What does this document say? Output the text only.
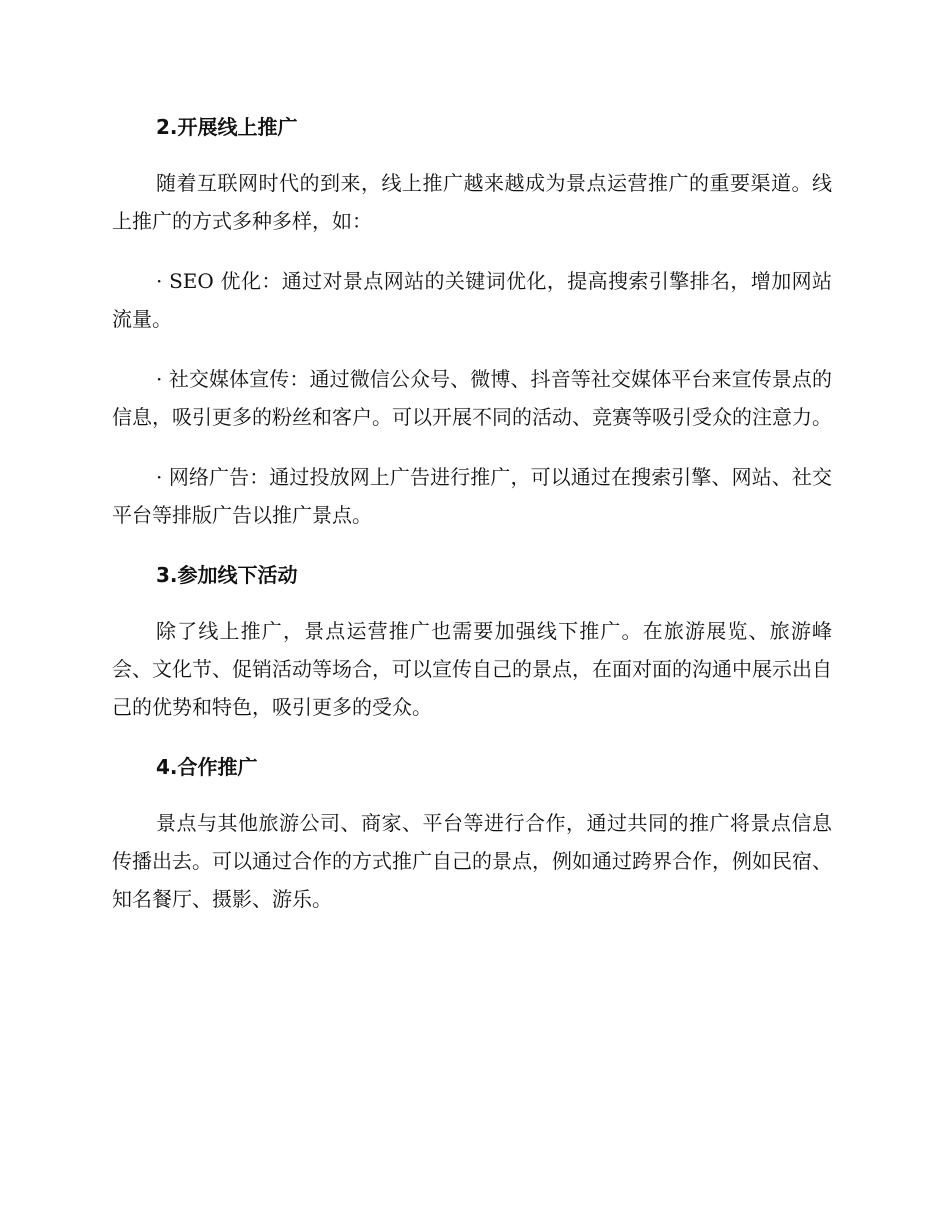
2.开展线上推广

随着互联网时代的到来，线上推广越来越成为景点运营推广的重要渠道。线上推广的方式多种多样，如：

· SEO 优化：通过对景点网站的关键词优化，提高搜索引擎排名，增加网站流量。

· 社交媒体宣传：通过微信公众号、微博、抖音等社交媒体平台来宣传景点的信息，吸引更多的粉丝和客户。可以开展不同的活动、竞赛等吸引受众的注意力。

· 网络广告：通过投放网上广告进行推广，可以通过在搜索引擎、网站、社交平台等排版广告以推广景点。

3.参加线下活动

除了线上推广，景点运营推广也需要加强线下推广。在旅游展览、旅游峰会、文化节、促销活动等场合，可以宣传自己的景点，在面对面的沟通中展示出自己的优势和特色，吸引更多的受众。

4.合作推广

景点与其他旅游公司、商家、平台等进行合作，通过共同的推广将景点信息传播出去。可以通过合作的方式推广自己的景点，例如通过跨界合作，例如民宿、知名餐厅、摄影、游乐。
